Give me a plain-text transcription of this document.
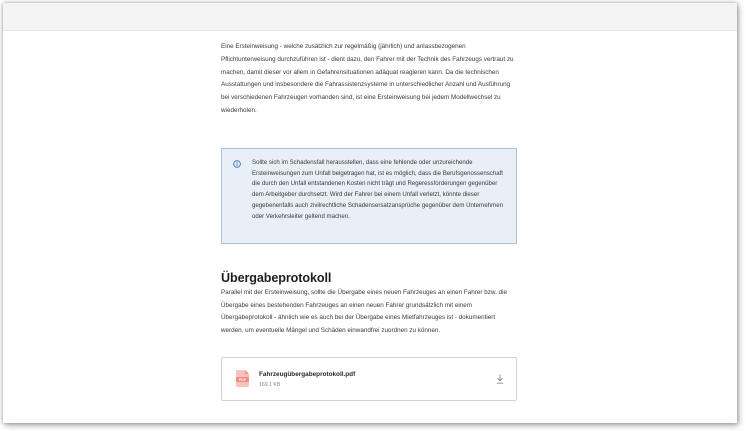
Eine Ersteinweisung - welche zusätzlich zur regelmäßig (jährlich) und anlassbezogenen Pflichtunterweisung durchzuführen ist - dient dazu, den Fahrer mit der Technik des Fahrzeugs vertraut zu machen, damit dieser vor allem in Gefahrensituationen adäquat reagieren kann. Da die technischen Ausstattungen und insbesondere die Fahrassistenzsysteme in unterschiedlicher Anzahl und Ausführung bei verschiedenen Fahrzeugen vorhanden sind, ist eine Ersteinweisung bei jedem Modellwechsel zu wiederholen.

Sollte sich im Schadensfall herausstellen, dass eine fehlende oder unzureichende Ersteinweisungen zum Unfall beigetragen hat, ist es möglich, dass die Berufsgenossenschaft die durch den Unfall entstandenen Kosten nicht trägt und Regeressforderungen gegenüber dem Arbeitgeber durchsetzt. Wird der Fahrer bei einem Unfall verletzt, könnte dieser gegebenenfalls auch zivilrechtliche Schadensersatzansprüche gegenüber dem Unternehmen oder Verkehrsleiter geltend machen.

Übergabeprotokoll

Parallel mit der Ersteinweisung, sollte die Übergabe eines neuen Fahrzeuges an einen Fahrer bzw. die Übergabe eines bestehenden Fahrzeuges an einen neuen Fahrer grundsätzlich mit einem Übergabeprotokoll - ähnlich wie es auch bei der Übergabe eines Mietfahrzeuges ist - dokumentiert werden, um eventuelle Mängel und Schäden einwandfrei zuordnen zu können.

PDF
Fahrzeugübergabeprotokoll.pdf
169.1 KB
